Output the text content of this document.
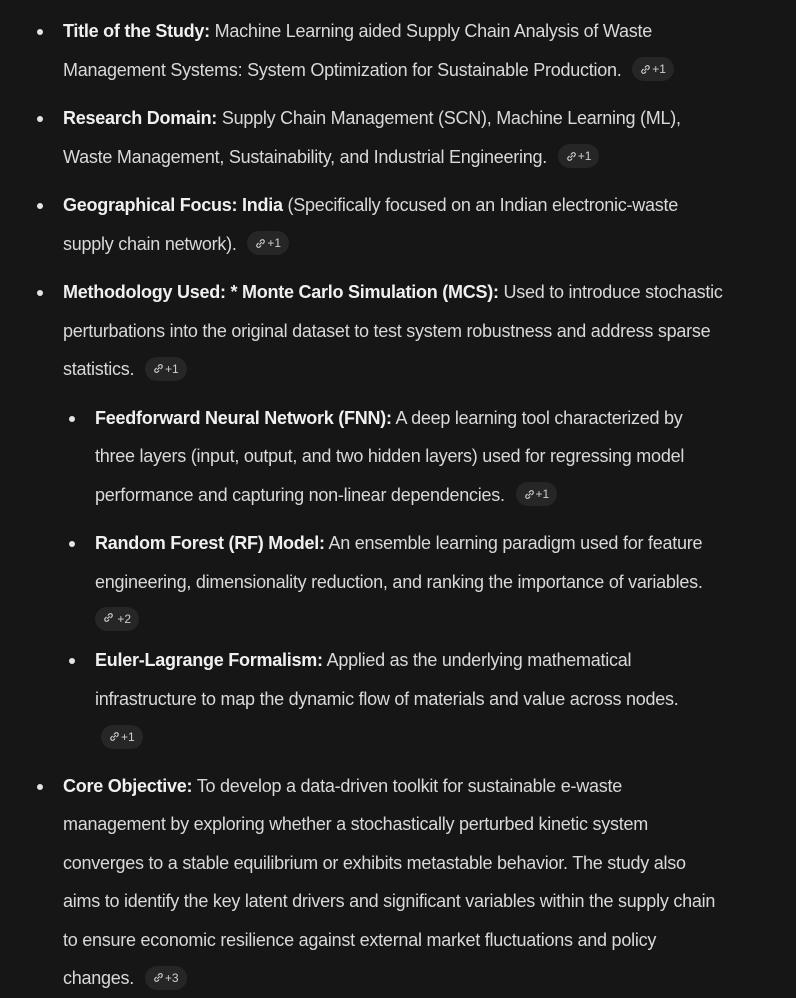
Title of the Study: Machine Learning aided Supply Chain Analysis of Waste Management Systems: System Optimization for Sustainable Production.	+1
Research Domain: Supply Chain Management (SCN), Machine Learning (ML), Waste Management, Sustainability, and Industrial Engineering.	+1
Geographical Focus: India (Specifically focused on an Indian electronic-waste supply chain network).	+1
Methodology Used: * Monte Carlo Simulation (MCS): Used to introduce stochastic perturbations into the original dataset to test system robustness and address sparse statistics.	+1
Feedforward Neural Network (FNN): A deep learning tool characterized by three layers (input, output, and two hidden layers) used for regressing model performance and capturing non-linear dependencies.	+1
Random Forest (RF) Model: An ensemble learning paradigm used for feature engineering, dimensionality reduction, and ranking the importance of variables.
+2
Euler-Lagrange Formalism: Applied as the underlying mathematical infrastructure to map the dynamic flow of materials and value across nodes.
+1
Core Objective: To develop a data-driven toolkit for sustainable e-waste management by exploring whether a stochastically perturbed kinetic system converges to a stable equilibrium or exhibits metastable behavior. The study also aims to identify the key latent drivers and significant variables within the supply chain to ensure economic resilience against external market fluctuations and policy changes.	+3
